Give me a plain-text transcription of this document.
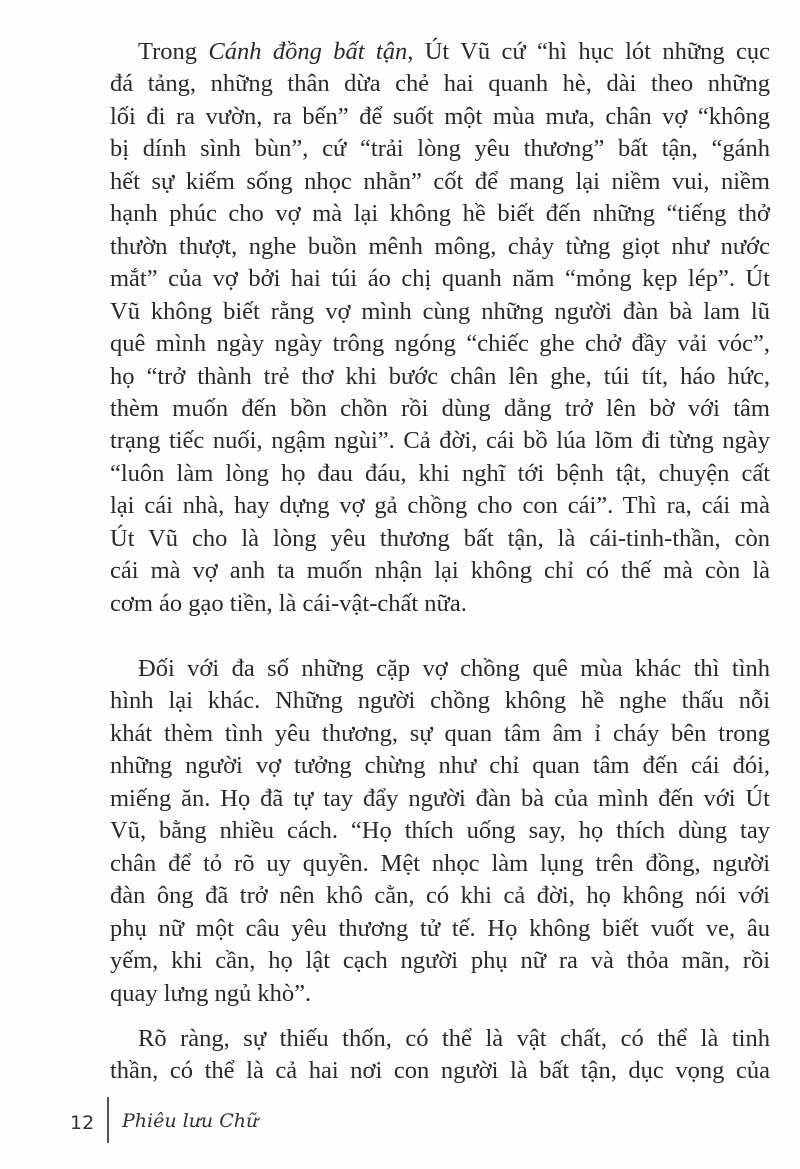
12 Phiêu lưu Chữ
Trong Cánh đồng bất tận, Út Vũ cứ “hì hục lót những cục
đá tảng, những thân dừa chẻ hai quanh hè, dài theo những
lối đi ra vườn, ra bến” để suốt một mùa mưa, chân vợ “không
bị dính sình bùn”, cứ “trải lòng yêu thương” bất tận, “gánh
hết sự kiếm sống nhọc nhằn” cốt để mang lại niềm vui, niềm
hạnh phúc cho vợ mà lại không hề biết đến những “tiếng thở
thườn thượt, nghe buồn mênh mông, chảy từng giọt như nước
mắt” của vợ bởi hai túi áo chị quanh năm “mỏng kẹp lép”. Út
Vũ không biết rằng vợ mình cùng những người đàn bà lam lũ
quê mình ngày ngày trông ngóng “chiếc ghe chở đầy vải vóc”,
họ “trở thành trẻ thơ khi bước chân lên ghe, túi tít, háo hức,
thèm muốn đến bồn chồn rồi dùng dằng trở lên bờ với tâm
trạng tiếc nuối, ngậm ngùi”. Cả đời, cái bồ lúa lõm đi từng ngày
“luôn làm lòng họ đau đáu, khi nghĩ tới bệnh tật, chuyện cất
lại cái nhà, hay dựng vợ gả chồng cho con cái”. Thì ra, cái mà
Út Vũ cho là lòng yêu thương bất tận, là cái-tinh-thần, còn
cái mà vợ anh ta muốn nhận lại không chỉ có thế mà còn là
cơm áo gạo tiền, là cái-vật-chất nữa.
Đối với đa số những cặp vợ chồng quê mùa khác thì tình
hình lại khác. Những người chồng không hề nghe thấu nỗi
khát thèm tình yêu thương, sự quan tâm âm ỉ cháy bên trong
những người vợ tưởng chừng như chỉ quan tâm đến cái đói,
miếng ăn. Họ đã tự tay đẩy người đàn bà của mình đến với Út
Vũ, bằng nhiều cách. “Họ thích uống say, họ thích dùng tay
chân để tỏ rõ uy quyền. Mệt nhọc làm lụng trên đồng, người
đàn ông đã trở nên khô cằn, có khi cả đời, họ không nói với
phụ nữ một câu yêu thương tử tế. Họ không biết vuốt ve, âu
yếm, khi cần, họ lật cạch người phụ nữ ra và thỏa mãn, rồi
quay lưng ngủ khò”.
Rõ ràng, sự thiếu thốn, có thể là vật chất, có thể là tinh
thần, có thể là cả hai nơi con người là bất tận, dục vọng của
